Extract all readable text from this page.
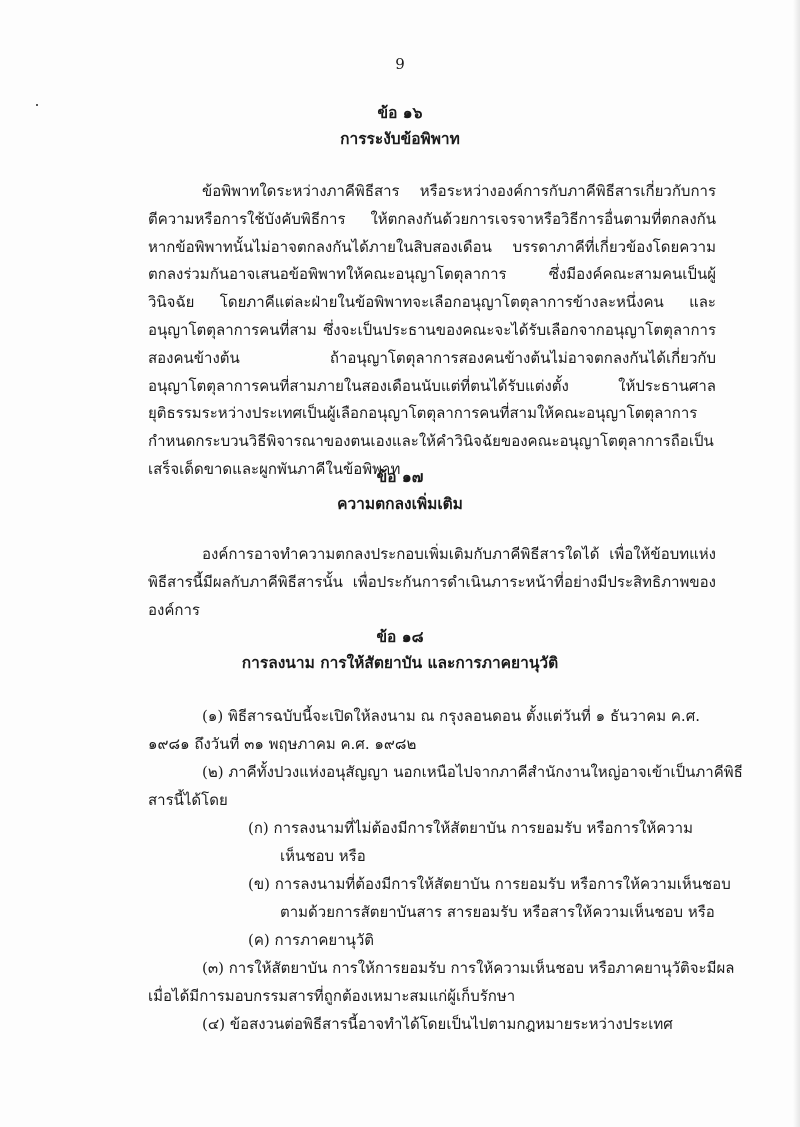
9
ข้อ ๑๖
การระงับข้อพิพาท
ข้อพิพาทใดระหว่างภาคีพิธีสาร หรือระหว่างองค์การกับภาคีพิธีสารเกี่ยวกับการตีความหรือการใช้บังคับพิธีการ ให้ตกลงกันด้วยการเจรจาหรือวิธีการอื่นตามที่ตกลงกัน หากข้อพิพาทนั้นไม่อาจตกลงกันได้ภายในสิบสองเดือน บรรดาภาคีที่เกี่ยวข้องโดยความตกลงร่วมกันอาจเสนอข้อพิพาทให้คณะอนุญาโตตุลาการ ซึ่งมีองค์คณะสามคนเป็นผู้วินิจฉัย โดยภาคีแต่ละฝ่ายในข้อพิพาทจะเลือกอนุญาโตตุลาการข้างละหนึ่งคน และอนุญาโตตุลาการคนที่สาม ซึ่งจะเป็นประธานของคณะจะได้รับเลือกจากอนุญาโตตุลาการสองคนข้างต้น ถ้าอนุญาโตตุลาการสองคนข้างต้นไม่อาจตกลงกันได้เกี่ยวกับอนุญาโตตุลาการคนที่สามภายในสองเดือนนับแต่ที่ตนได้รับแต่งตั้ง ให้ประธานศาลยุติธรรมระหว่างประเทศเป็นผู้เลือกอนุญาโตตุลาการคนที่สามให้คณะอนุญาโตตุลาการกำหนดกระบวนวิธีพิจารณาของตนเองและให้คำวินิจฉัยของคณะอนุญาโตตุลาการถือเป็นเสร็จเด็ดขาดและผูกพันภาคีในข้อพิพาท
ข้อ ๑๗
ความตกลงเพิ่มเติม
องค์การอาจทำความตกลงประกอบเพิ่มเติมกับภาคีพิธีสารใดได้ เพื่อให้ข้อบทแห่งพิธีสารนี้มีผลกับภาคีพิธีสารนั้น เพื่อประกันการดำเนินภาระหน้าที่อย่างมีประสิทธิภาพขององค์การ
ข้อ ๑๘
การลงนาม การให้สัตยาบัน และการภาคยานุวัติ
(๑) พิธีสารฉบับนี้จะเปิดให้ลงนาม ณ กรุงลอนดอน ตั้งแต่วันที่ ๑ ธันวาคม ค.ศ.
๑๙๘๑ ถึงวันที่ ๓๑ พฤษภาคม ค.ศ. ๑๙๘๒
(๒) ภาคีทั้งปวงแห่งอนุสัญญา นอกเหนือไปจากภาคีสำนักงานใหญ่อาจเข้าเป็นภาคีพิธี
สารนี้ได้โดย
(ก) การลงนามที่ไม่ต้องมีการให้สัตยาบัน การยอมรับ หรือการให้ความ
เห็นชอบ หรือ
(ข) การลงนามที่ต้องมีการให้สัตยาบัน การยอมรับ หรือการให้ความเห็นชอบ
ตามด้วยการสัตยาบันสาร สารยอมรับ หรือสารให้ความเห็นชอบ หรือ
(ค) การภาคยานุวัติ
(๓) การให้สัตยาบัน การให้การยอมรับ การให้ความเห็นชอบ หรือภาคยานุวัติจะมีผล
เมื่อได้มีการมอบกรรมสารที่ถูกต้องเหมาะสมแก่ผู้เก็บรักษา
(๔) ข้อสงวนต่อพิธีสารนี้อาจทำได้โดยเป็นไปตามกฎหมายระหว่างประเทศ
